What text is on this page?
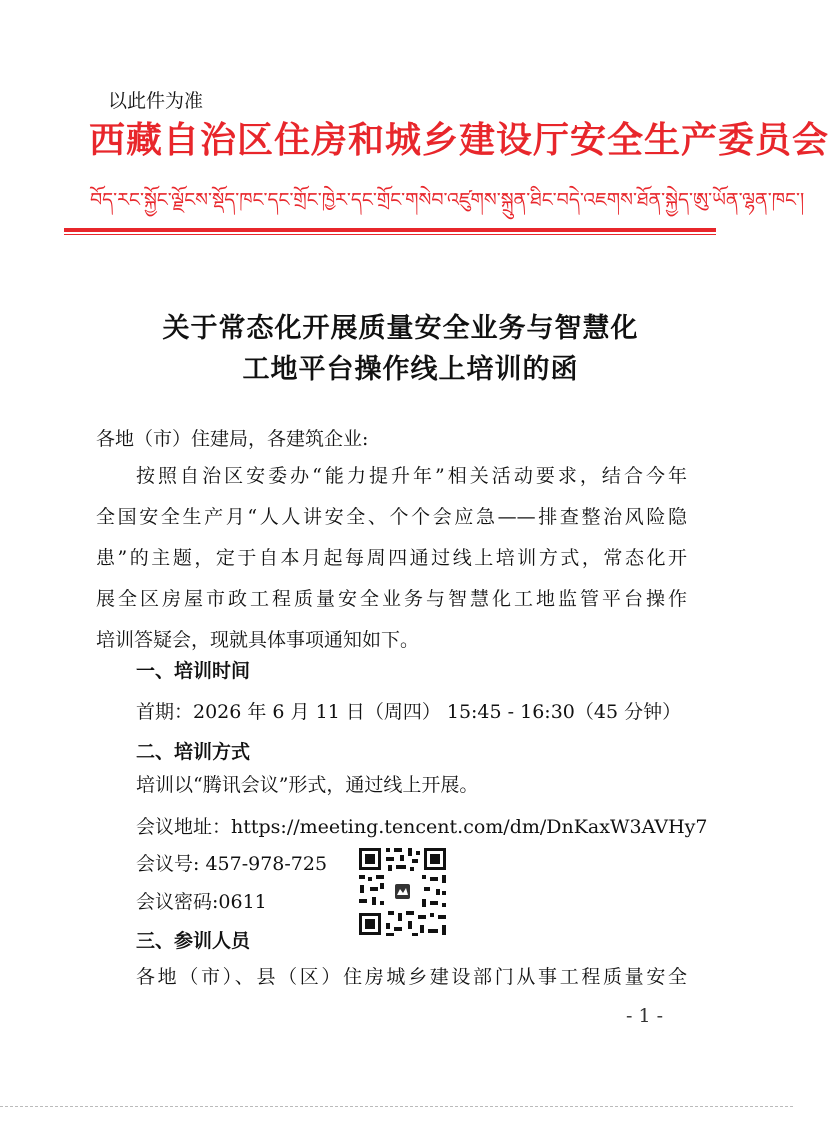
以此件为准
西藏自治区住房和城乡建设厅安全生产委员会
བོད་རང་སྐྱོང་ལྗོངས་སྡོད་ཁང་དང་གྲོང་ཁྱེར་དང་གྲོང་གསེབ་འཛུགས་སྐྲུན་ཐིང་བདེ་འཇགས་ཐོན་སྐྱེད་ཨུ་ཡོན་ལྷན་ཁང་།
关于常态化开展质量安全业务与智慧化
工地平台操作线上培训的函
各地（市）住建局，各建筑企业:
按照自治区安委办“能力提升年”相关活动要求，结合今年
全国安全生产月“人人讲安全、个个会应急——排查整治风险隐
患”的主题，定于自本月起每周四通过线上培训方式，常态化开
展全区房屋市政工程质量安全业务与智慧化工地监管平台操作
培训答疑会，现就具体事项通知如下。
一、培训时间
首期：2026 年 6 月 11 日（周四） 15:45 - 16:30（45 分钟）
二、培训方式
培训以“腾讯会议”形式，通过线上开展。
会议地址：https://meeting.tencent.com/dm/DnKaxW3AVHy7
会议号: 457-978-725
会议密码:0611
三、参训人员
各地（市）、县（区）住房城乡建设部门从事工程质量安全
- 1 -
